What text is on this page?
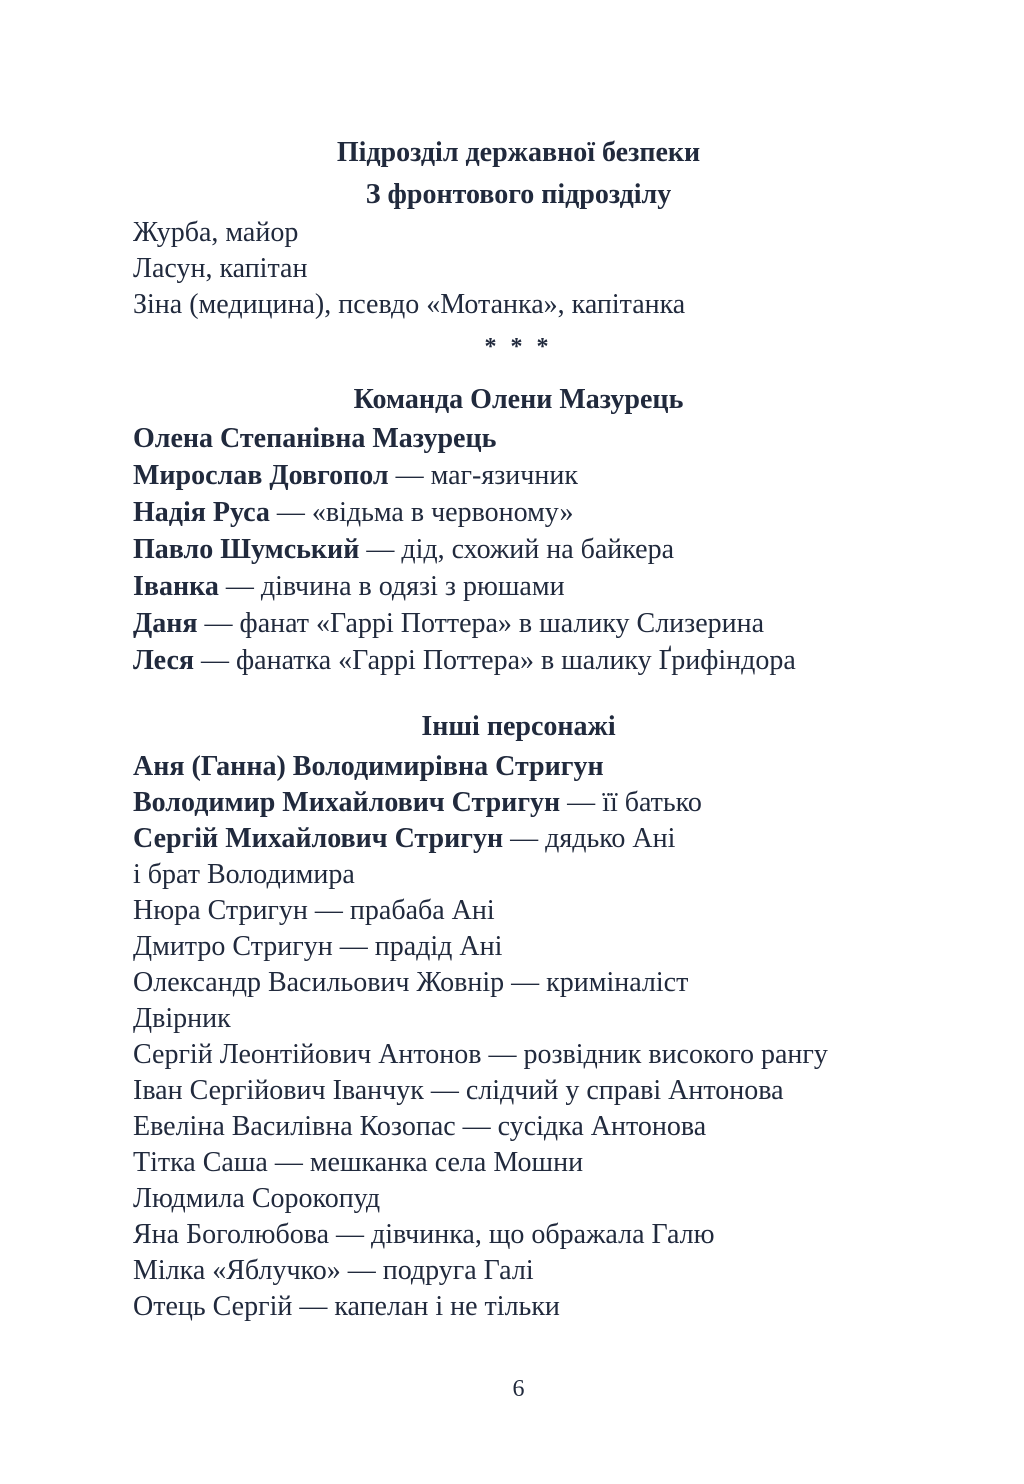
Підрозділ державної безпеки
З фронтового підрозділу

Журба, майор

Ласун, капітан

Зіна (медицина), псевдо «Мотанка», капітанка

* * *
Команда Олени Мазурець

Олена Степанівна Мазурець

Мирослав Довгопол — маг-язичник

Надія Руса — «відьма в червоному»

Павло Шумський — дід, схожий на байкера

Іванка — дівчина в одязі з рюшами

Даня — фанат «Гаррі Поттера» в шалику Слизерина

Леся — фанатка «Гаррі Поттера» в шалику Ґрифіндора

Інші персонажі

Аня (Ганна) Володимирівна Стригун

Володимир Михайлович Стригун — її батько

Сергій Михайлович Стригун — дядько Ані

і брат Володимира

Нюра Стригун — прабаба Ані

Дмитро Стригун — прадід Ані

Олександр Васильович Жовнір — криміналіст

Двірник

Сергій Леонтійович Антонов — розвідник високого рангу

Іван Сергійович Іванчук — слідчий у справі Антонова

Евеліна Василівна Козопас — сусідка Антонова

Тітка Саша — мешканка села Мошни

Людмила Сорокопуд

Яна Боголюбова — дівчинка, що ображала Галю

Мілка «Яблучко» — подруга Галі

Отець Сергій — капелан і не тільки

6
